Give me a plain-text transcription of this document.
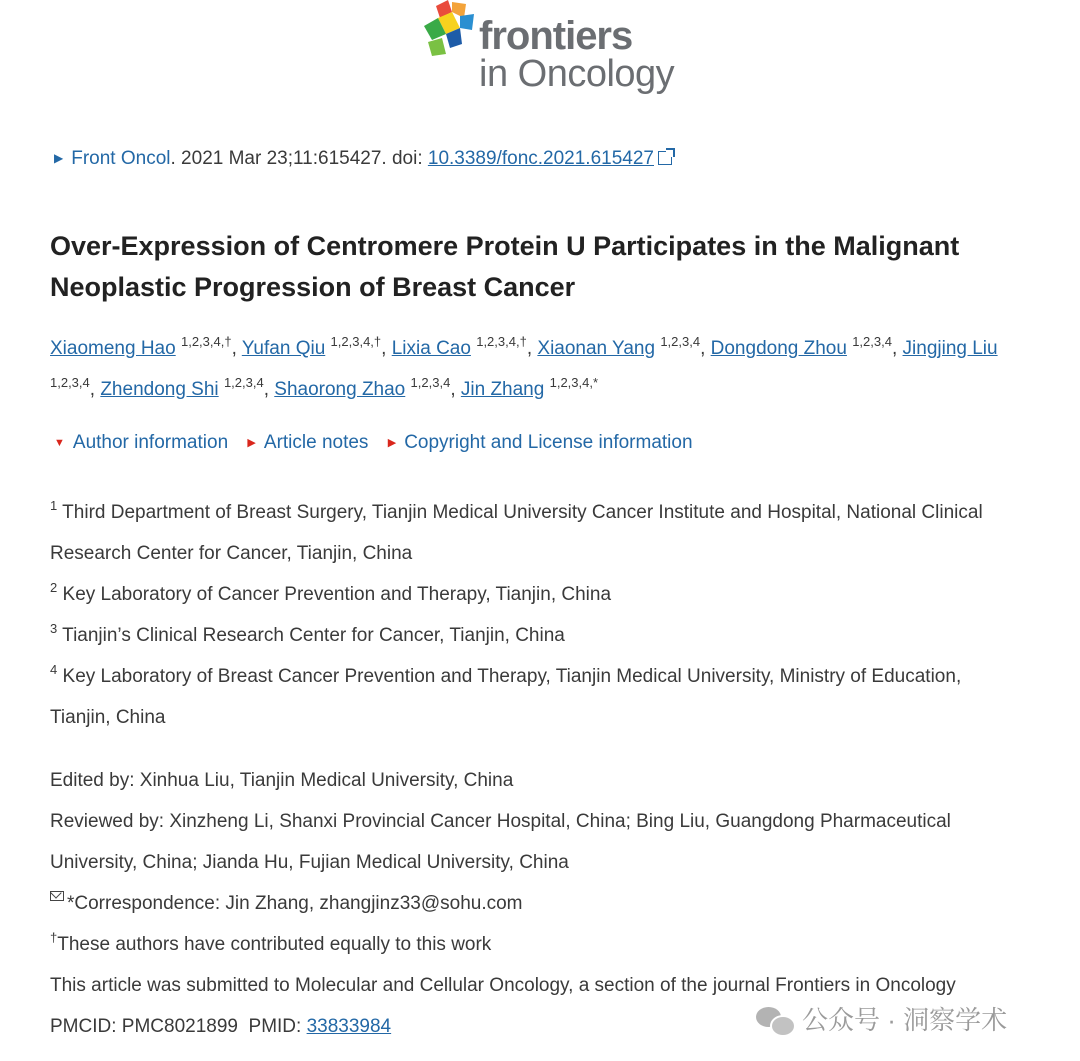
frontiers
in Oncology
▶ Front Oncol. 2021 Mar 23;11:615427. doi: 10.3389/fonc.2021.615427
Over-Expression of Centromere Protein U Participates in the Malignant Neoplastic Progression of Breast Cancer
Xiaomeng Hao $^{1,2,3,4,\dagger}$, Yufan Qiu $^{1,2,3,4,\dagger}$, Lixia Cao $^{1,2,3,4,\dagger}$, Xiaonan Yang $^{1,2,3,4}$, Dongdong Zhou $^{1,2,3,4}$, Jingjing Liu
$^{1,2,3,4}$, Zhendong Shi $^{1,2,3,4}$, Shaorong Zhao $^{1,2,3,4}$, Jin Zhang $^{1,2,3,4,*}$
▼ Author information ▶ Article notes ▶ Copyright and License information
$^1$ Third Department of Breast Surgery, Tianjin Medical University Cancer Institute and Hospital, National Clinical
Research Center for Cancer, Tianjin, China
$^2$ Key Laboratory of Cancer Prevention and Therapy, Tianjin, China
$^3$ Tianjin’s Clinical Research Center for Cancer, Tianjin, China
$^4$ Key Laboratory of Breast Cancer Prevention and Therapy, Tianjin Medical University, Ministry of Education,
Tianjin, China
Edited by: Xinhua Liu, Tianjin Medical University, China
Reviewed by: Xinzheng Li, Shanxi Provincial Cancer Hospital, China; Bing Liu, Guangdong Pharmaceutical
University, China; Jianda Hu, Fujian Medical University, China
*Correspondence: Jin Zhang, zhangjinz33@sohu.com
†These authors have contributed equally to this work
This article was submitted to Molecular and Cellular Oncology, a section of the journal Frontiers in Oncology
PMCID: PMC8021899 PMID: 33833984	公众号 · 洞察学术
